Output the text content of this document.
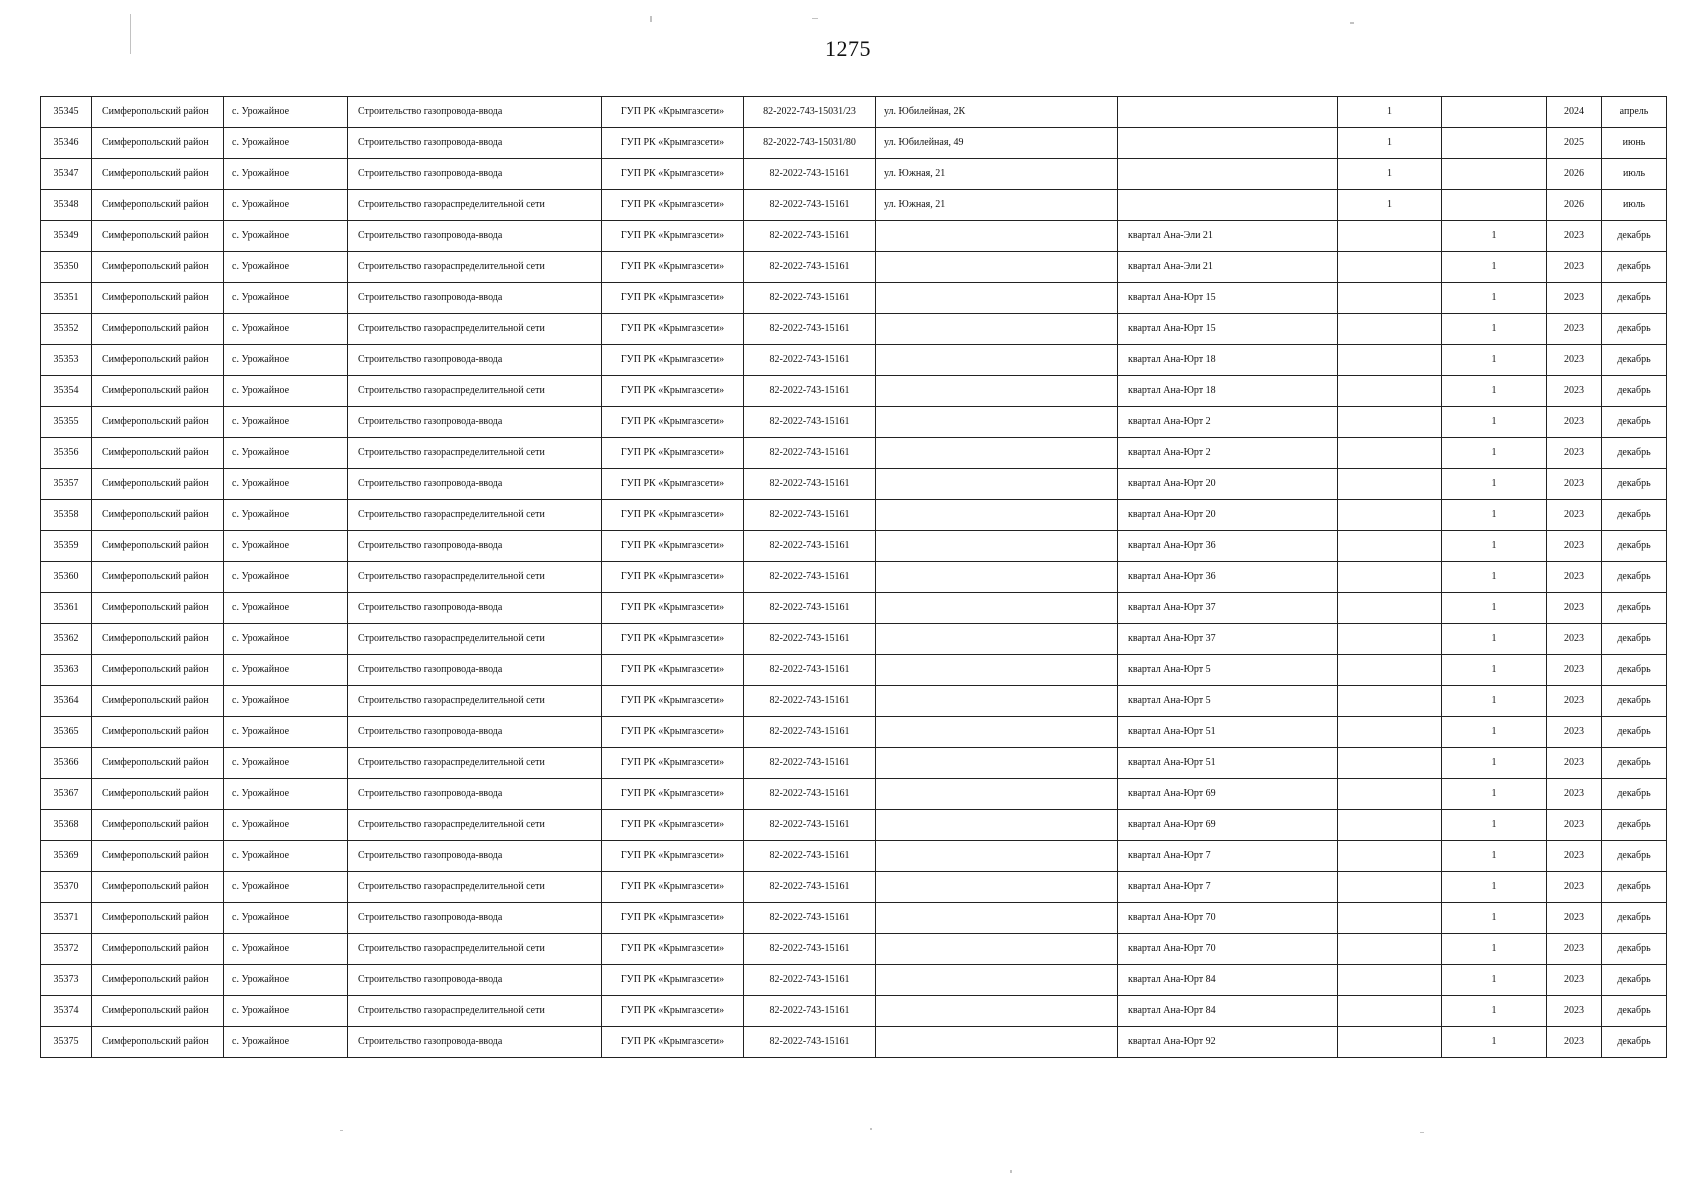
1275
35345	Симферопольский район	с. Урожайное	Строительство газопровода-ввода	ГУП РК «Крымгазсети»	82-2022-743-15031/23	ул. Юбилейная, 2К		1		2024	апрель
35346	Симферопольский район	с. Урожайное	Строительство газопровода-ввода	ГУП РК «Крымгазсети»	82-2022-743-15031/80	ул. Юбилейная, 49		1		2025	июнь
35347	Симферопольский район	с. Урожайное	Строительство газопровода-ввода	ГУП РК «Крымгазсети»	82-2022-743-15161	ул. Южная, 21		1		2026	июль
35348	Симферопольский район	с. Урожайное	Строительство газораспределительной сети	ГУП РК «Крымгазсети»	82-2022-743-15161	ул. Южная, 21		1		2026	июль
35349	Симферопольский район	с. Урожайное	Строительство газопровода-ввода	ГУП РК «Крымгазсети»	82-2022-743-15161		квартал Ана-Эли 21		1	2023	декабрь
35350	Симферопольский район	с. Урожайное	Строительство газораспределительной сети	ГУП РК «Крымгазсети»	82-2022-743-15161		квартал Ана-Эли 21		1	2023	декабрь
35351	Симферопольский район	с. Урожайное	Строительство газопровода-ввода	ГУП РК «Крымгазсети»	82-2022-743-15161		квартал Ана-Юрт 15		1	2023	декабрь
35352	Симферопольский район	с. Урожайное	Строительство газораспределительной сети	ГУП РК «Крымгазсети»	82-2022-743-15161		квартал Ана-Юрт 15		1	2023	декабрь
35353	Симферопольский район	с. Урожайное	Строительство газопровода-ввода	ГУП РК «Крымгазсети»	82-2022-743-15161		квартал Ана-Юрт 18		1	2023	декабрь
35354	Симферопольский район	с. Урожайное	Строительство газораспределительной сети	ГУП РК «Крымгазсети»	82-2022-743-15161		квартал Ана-Юрт 18		1	2023	декабрь
35355	Симферопольский район	с. Урожайное	Строительство газопровода-ввода	ГУП РК «Крымгазсети»	82-2022-743-15161		квартал Ана-Юрт 2		1	2023	декабрь
35356	Симферопольский район	с. Урожайное	Строительство газораспределительной сети	ГУП РК «Крымгазсети»	82-2022-743-15161		квартал Ана-Юрт 2		1	2023	декабрь
35357	Симферопольский район	с. Урожайное	Строительство газопровода-ввода	ГУП РК «Крымгазсети»	82-2022-743-15161		квартал Ана-Юрт 20		1	2023	декабрь
35358	Симферопольский район	с. Урожайное	Строительство газораспределительной сети	ГУП РК «Крымгазсети»	82-2022-743-15161		квартал Ана-Юрт 20		1	2023	декабрь
35359	Симферопольский район	с. Урожайное	Строительство газопровода-ввода	ГУП РК «Крымгазсети»	82-2022-743-15161		квартал Ана-Юрт 36		1	2023	декабрь
35360	Симферопольский район	с. Урожайное	Строительство газораспределительной сети	ГУП РК «Крымгазсети»	82-2022-743-15161		квартал Ана-Юрт 36		1	2023	декабрь
35361	Симферопольский район	с. Урожайное	Строительство газопровода-ввода	ГУП РК «Крымгазсети»	82-2022-743-15161		квартал Ана-Юрт 37		1	2023	декабрь
35362	Симферопольский район	с. Урожайное	Строительство газораспределительной сети	ГУП РК «Крымгазсети»	82-2022-743-15161		квартал Ана-Юрт 37		1	2023	декабрь
35363	Симферопольский район	с. Урожайное	Строительство газопровода-ввода	ГУП РК «Крымгазсети»	82-2022-743-15161		квартал Ана-Юрт 5		1	2023	декабрь
35364	Симферопольский район	с. Урожайное	Строительство газораспределительной сети	ГУП РК «Крымгазсети»	82-2022-743-15161		квартал Ана-Юрт 5		1	2023	декабрь
35365	Симферопольский район	с. Урожайное	Строительство газопровода-ввода	ГУП РК «Крымгазсети»	82-2022-743-15161		квартал Ана-Юрт 51		1	2023	декабрь
35366	Симферопольский район	с. Урожайное	Строительство газораспределительной сети	ГУП РК «Крымгазсети»	82-2022-743-15161		квартал Ана-Юрт 51		1	2023	декабрь
35367	Симферопольский район	с. Урожайное	Строительство газопровода-ввода	ГУП РК «Крымгазсети»	82-2022-743-15161		квартал Ана-Юрт 69		1	2023	декабрь
35368	Симферопольский район	с. Урожайное	Строительство газораспределительной сети	ГУП РК «Крымгазсети»	82-2022-743-15161		квартал Ана-Юрт 69		1	2023	декабрь
35369	Симферопольский район	с. Урожайное	Строительство газопровода-ввода	ГУП РК «Крымгазсети»	82-2022-743-15161		квартал Ана-Юрт 7		1	2023	декабрь
35370	Симферопольский район	с. Урожайное	Строительство газораспределительной сети	ГУП РК «Крымгазсети»	82-2022-743-15161		квартал Ана-Юрт 7		1	2023	декабрь
35371	Симферопольский район	с. Урожайное	Строительство газопровода-ввода	ГУП РК «Крымгазсети»	82-2022-743-15161		квартал Ана-Юрт 70		1	2023	декабрь
35372	Симферопольский район	с. Урожайное	Строительство газораспределительной сети	ГУП РК «Крымгазсети»	82-2022-743-15161		квартал Ана-Юрт 70		1	2023	декабрь
35373	Симферопольский район	с. Урожайное	Строительство газопровода-ввода	ГУП РК «Крымгазсети»	82-2022-743-15161		квартал Ана-Юрт 84		1	2023	декабрь
35374	Симферопольский район	с. Урожайное	Строительство газораспределительной сети	ГУП РК «Крымгазсети»	82-2022-743-15161		квартал Ана-Юрт 84		1	2023	декабрь
35375	Симферопольский район	с. Урожайное	Строительство газопровода-ввода	ГУП РК «Крымгазсети»	82-2022-743-15161		квартал Ана-Юрт 92		1	2023	декабрь
